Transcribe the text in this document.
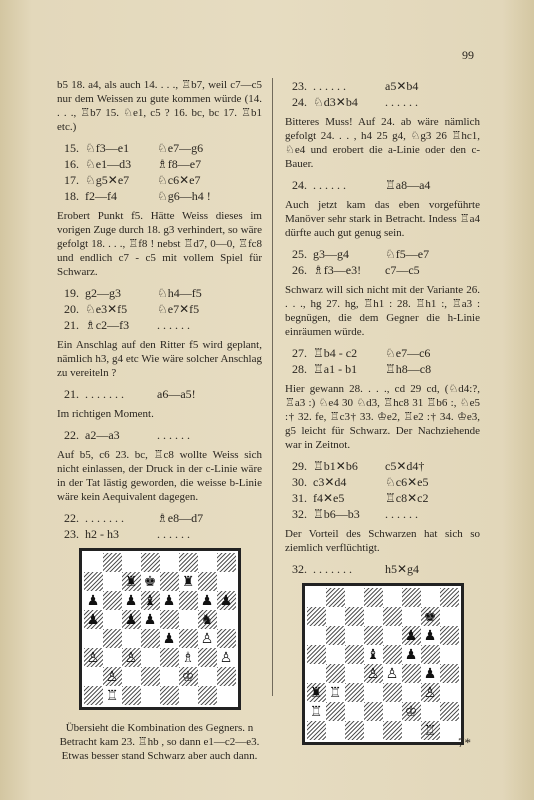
99

b5 18. a4, als auch 14. . . ., ♖b7, weil c7—c5 nur dem Weissen zu gute kommen würde (14. . . ., ♖b7 15. ♘e1, c5 ? 16. bc, bc 17. ♖b1 etc.)

15. ♘f3—e1	♘e7—g6
16. ♘e1—d3	♗f8—e7
17. ♘g5✕e7	♘c6✕e7
18. f2—f4	♘g6—h4 !

Erobert Punkt f5. Hätte Weiss dieses im vorigen Zuge durch 18. g3 verhindert, so wäre gefolgt 18. . . ., ♖f8 ! nebst ♖d7, 0—0, ♖fc8 und endlich c7 - c5 mit vollem Spiel für Schwarz.

19. g2—g3	♘h4—f5
20. ♘e3✕f5	♘e7✕f5
21. ♗c2—f3	. . . . . .

Ein Anschlag auf den Ritter f5 wird geplant, nämlich h3, g4 etc Wie wäre solcher Anschlag zu vereiteln ?

21. . . . . . . .	a6—a5!

Im richtigen Moment.

22. a2—a3	. . . . . .

Auf b5, c6 23. bc, ♖c8 wollte Weiss sich nicht einlassen, der Druck in der c-Linie wäre in der Tat lästig geworden, die weisse b-Linie wäre kein Aequivalent dagegen.

22. . . . . . . .	♗e8—d7
23. h2 - h3	. . . . . .
♜ ♚ ♜
♟ ♟ ♝ ♟ ♟ ♟
♟ ♟ ♟	♞
♟ ♙
♙ ♙	♗ ♙
♙	♔
♖

Übersieht die Kombination des Gegners. n Betracht kam 23. ♖hb , so dann e1—c2—e3. Etwas besser stand Schwarz aber auch dann.

23. . . . . . .	a5✕b4
24. ♘d3✕b4	. . . . . .

Bitteres Muss! Auf 24. ab wäre nämlich gefolgt 24. . . , h4 25 g4, ♘g3 26 ♖hc1, ♘e4 und erobert die a-Linie oder den c-Bauer.

24. . . . . . .	♖a8—a4

Auch jetzt kam das eben vorgeführte Manöver sehr stark in Betracht. Indess ♖a4 dürfte auch gut genug sein.

25. g3—g4	♘f5—e7
26. ♗f3—e3!	c7—c5

Schwarz will sich nicht mit der Variante 26. . . ., hg 27. hg, ♖h1 : 28. ♖h1 :, ♖a3 : begnügen, die dem Gegner die h-Linie einräumen würde.

27. ♖b4 - c2	♘e7—c6
28. ♖a1 - b1	♖h8—c8

Hier gewann 28. . . ., cd 29 cd, (♘d4:?, ♖a3 :) ♘e4 30 ♘d3, ♖hc8 31 ♖b6 :, ♘e5 :† 32. fe, ♖c3† 33. ♔e2, ♖e2 :† 34. ♔e3, g5 leicht für Schwarz. Der Nachziehende war in Zeitnot.

29. ♖b1✕b6	c5✕d4†
30. c3✕d4	♘c6✕e5
31. f4✕e5	♖c8✕c2
32. ♖b6—b3	. . . . . .

Der Vorteil des Schwarzen hat sich so ziemlich verflüchtigt.

32. . . . . . . .	h5✕g4
♚
♟ ♟
♝ ♟
♙ ♙ ♟
♜ ♖	♙
♖	♔
♖
7*
